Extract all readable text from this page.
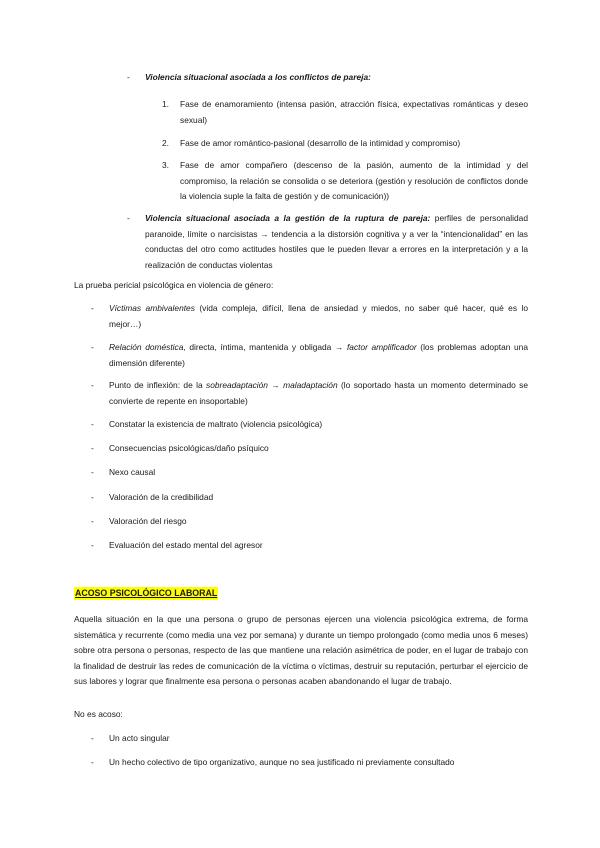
-	Violencia situacional asociada a los conflictos de pareja:
1.	Fase de enamoramiento (intensa pasión, atracción física, expectativas románticas y deseo sexual)
2.	Fase de amor romántico-pasional (desarrollo de la intimidad y compromiso)
3.	Fase de amor compañero (descenso de la pasión, aumento de la intimidad y del compromiso, la relación se consolida o se deteriora (gestión y resolución de conflictos donde la violencia suple la falta de gestión y de comunicación))
-	Violencia situacional asociada a la gestión de la ruptura de pareja: perfiles de personalidad paranoide, límite o narcisistas → tendencia a la distorsión cognitiva y a ver la “intencionalidad” en las conductas del otro como actitudes hostiles que le pueden llevar a errores en la interpretación y a la realización de conductas violentas
La prueba pericial psicológica en violencia de género:
-	Víctimas ambivalentes (vida compleja, difícil, llena de ansiedad y miedos, no saber qué hacer, qué es lo mejor…)
-	Relación doméstica, directa, íntima, mantenida y obligada → factor amplificador (los problemas adoptan una dimensión diferente)
-	Punto de inflexión: de la sobreadaptación → maladaptación (lo soportado hasta un momento determinado se convierte de repente en insoportable)
-	Constatar la existencia de maltrato (violencia psicológica)
-	Consecuencias psicológicas/daño psíquico
-	Nexo causal
-	Valoración de la credibilidad
-	Valoración del riesgo
-	Evaluación del estado mental del agresor
ACOSO PSICOLÓGICO LABORAL
Aquella situación en la que una persona o grupo de personas ejercen una violencia psicológica extrema, de forma sistemática y recurrente (como media una vez por semana) y durante un tiempo prolongado (como media unos 6 meses) sobre otra persona o personas, respecto de las que mantiene una relación asimétrica de poder, en el lugar de trabajo con la finalidad de destruir las redes de comunicación de la víctima o víctimas, destruir su reputación, perturbar el ejercicio de sus labores y lograr que finalmente esa persona o personas acaben abandonando el lugar de trabajo.
No es acoso:
-	Un acto singular
-	Un hecho colectivo de tipo organizativo, aunque no sea justificado ni previamente consultado
